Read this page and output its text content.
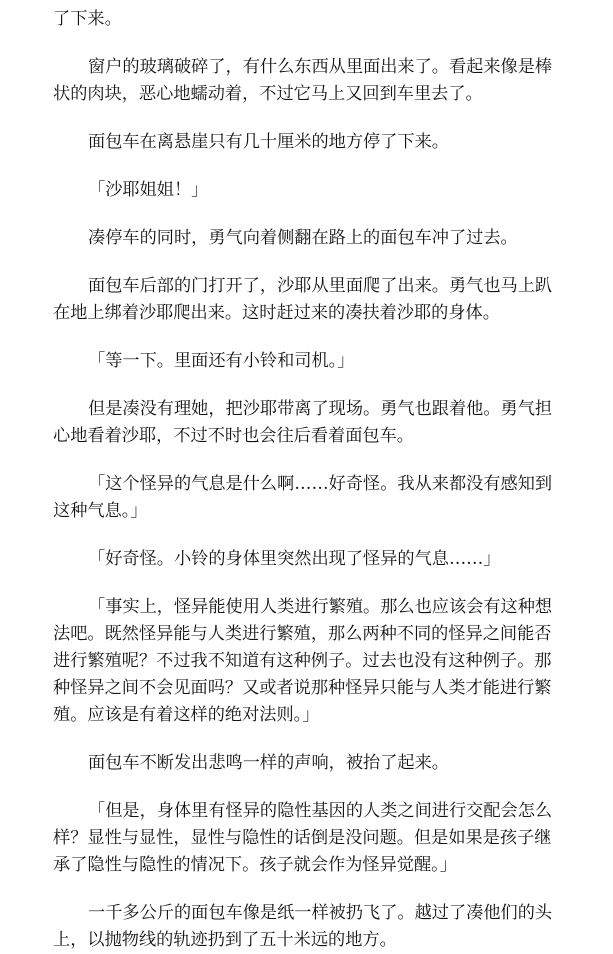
了下来。

窗户的玻璃破碎了，有什么东西从里面出来了。看起来像是棒
状的肉块，恶心地蠕动着，不过它马上又回到车里去了。

面包车在离悬崖只有几十厘米的地方停了下来。

「沙耶姐姐！」

凑停车的同时，勇气向着侧翻在路上的面包车冲了过去。

面包车后部的门打开了，沙耶从里面爬了出来。勇气也马上趴
在地上绑着沙耶爬出来。这时赶过来的凑扶着沙耶的身体。

「等一下。里面还有小铃和司机。」

但是凑没有理她，把沙耶带离了现场。勇气也跟着他。勇气担
心地看着沙耶，不过不时也会往后看着面包车。

「这个怪异的气息是什么啊……好奇怪。我从来都没有感知到
这种气息。」

「好奇怪。小铃的身体里突然出现了怪异的气息……」

「事实上，怪异能使用人类进行繁殖。那么也应该会有这种想
法吧。既然怪异能与人类进行繁殖，那么两种不同的怪异之间能否
进行繁殖呢？不过我不知道有这种例子。过去也没有这种例子。那
种怪异之间不会见面吗？又或者说那种怪异只能与人类才能进行繁
殖。应该是有着这样的绝对法则。」

面包车不断发出悲鸣一样的声响，被抬了起来。

「但是，身体里有怪异的隐性基因的人类之间进行交配会怎么
样？显性与显性，显性与隐性的话倒是没问题。但是如果是孩子继
承了隐性与隐性的情况下。孩子就会作为怪异觉醒。」

一千多公斤的面包车像是纸一样被扔飞了。越过了凑他们的头
上，以抛物线的轨迹扔到了五十米远的地方。
